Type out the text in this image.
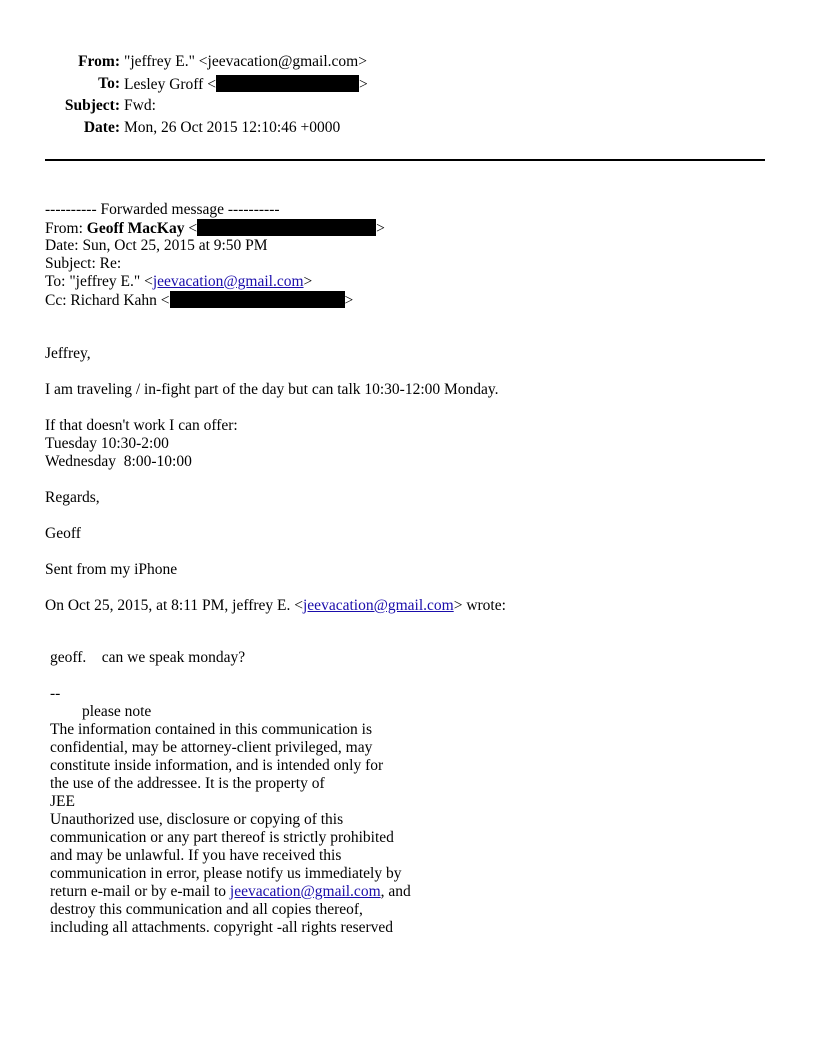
From: "jeffrey E." <jeevacation@gmail.com>
To: Lesley Groff <	>
Subject: Fwd:
Date: Mon, 26 Oct 2015 12:10:46 +0000
---------- Forwarded message ----------
From: Geoff MacKay <	>
Date: Sun, Oct 25, 2015 at 9:50 PM
Subject: Re:
To: "jeffrey E." <jeevacation@gmail.com>
Cc: Richard Kahn <	>
Jeffrey,
I am traveling / in-fight part of the day but can talk 10:30-12:00 Monday.
If that doesn't work I can offer:
Tuesday 10:30-2:00
Wednesday  8:00-10:00
Regards,
Geoff
Sent from my iPhone
On Oct 25, 2015, at 8:11 PM, jeffrey E. <jeevacation@gmail.com> wrote:
geoff.    can we speak monday?
--
please note
The information contained in this communication is
confidential, may be attorney-client privileged, may
constitute inside information, and is intended only for
the use of the addressee. It is the property of
JEE
Unauthorized use, disclosure or copying of this
communication or any part thereof is strictly prohibited
and may be unlawful. If you have received this
communication in error, please notify us immediately by
return e-mail or by e-mail to jeevacation@gmail.com, and
destroy this communication and all copies thereof,
including all attachments. copyright -all rights reserved
